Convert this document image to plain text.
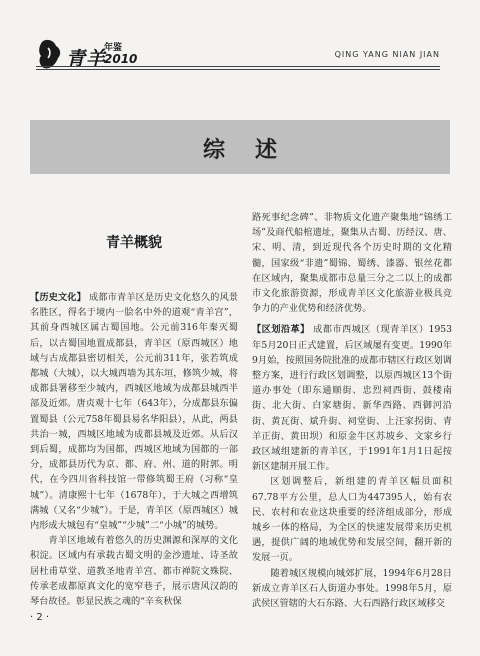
青羊
年鉴
2010	QING YANG NIAN JIAN
综述
青羊概貌

【历史文化】 成都市青羊区是历史文化悠久的风景名胜区，得名于境内一脍名中外的道观“青羊宫”，其前身西城区属古蜀国地。公元前316年秦灭蜀后，以古蜀国地置成都县，青羊区（原西城区）地域与古成都县密切相关，公元前311年，张若筑成都城（大城），以大城西墙为其东垣，修筑少城，将成都县署移至少城内，西城区地域为成都县城西半部及近郊。唐贞观十七年（643年），分成都县东偏置蜀县（公元758年蜀县易名华阳县），从此，两县共治一城，西城区地域为成都县城及近郊。从后汉到后蜀，成都均为国都，西城区地域为国都的一部分，成都县历代为京、都、府、州、道的附郭。明代，在今四川省科技馆一带修筑蜀王府（习称“皇城”）。清康熙十七年（1678年），于大城之西增筑满城（又名“少城”）。于是，青羊区（原西城区）城内形成大城包有“皇城”“少城”二“小城”的城势。

青羊区地域有着悠久的历史渊源和深厚的文化积淀。区域内有承载古蜀文明的金沙遗址、诗圣故居杜甫草堂、道教圣地青羊宫、都市禅院文殊院、传承老成都原真文化的宽窄巷子，展示唐风汉韵的琴台故径。彰显民族之魂的“辛亥秋保

路死事纪念碑”、非物质文化遗产聚集地“锦绣工场”及商代船棺遗址，聚集从古蜀、历经汉、唐、宋、明、清，到近现代各个历史时期的文化精髓，国家级“非遗”蜀锦、蜀绣、漆器、银丝花都在区域内，聚集成都市总量三分之二以上的成都市文化旅游资源，形成青羊区文化旅游业极具竞争力的产业优势和经济优势。

【区划沿革】 成都市西城区（现青羊区）1953年5月20日正式建置，后区域屡有变更。1990年9月始，按照国务院批准的成都市辖区行政区划调整方案，进行行政区划调整，以原西城区13个街道办事处（即东通顺街、忠烈祠西街、鼓楼南街、北大街、白家塘街、新华西路、西御河沿街、黄瓦街、斌升街、祠堂街、上汪家拐街、青羊正街、黄田坝）和原金牛区苏坡乡、文家乡行政区域组建新的青羊区，于1991年1月1日起按新区建制开展工作。

区划调整后，新组建的青羊区幅员面积67.78平方公里，总人口为447395人，始有农民、农村和农业这块重要的经济组成部分，形成城乡一体的格局，为全区的快速发展带来历史机遇，提供广阔的地域优势和发展空间，翻开新的发展一页。

随着城区规模向城郊扩展，1994年6月28日新成立青羊区石人街道办事处。1998年5月，原武侯区管辖的大石东路、大石西路行政区域移交

· 2 ·
